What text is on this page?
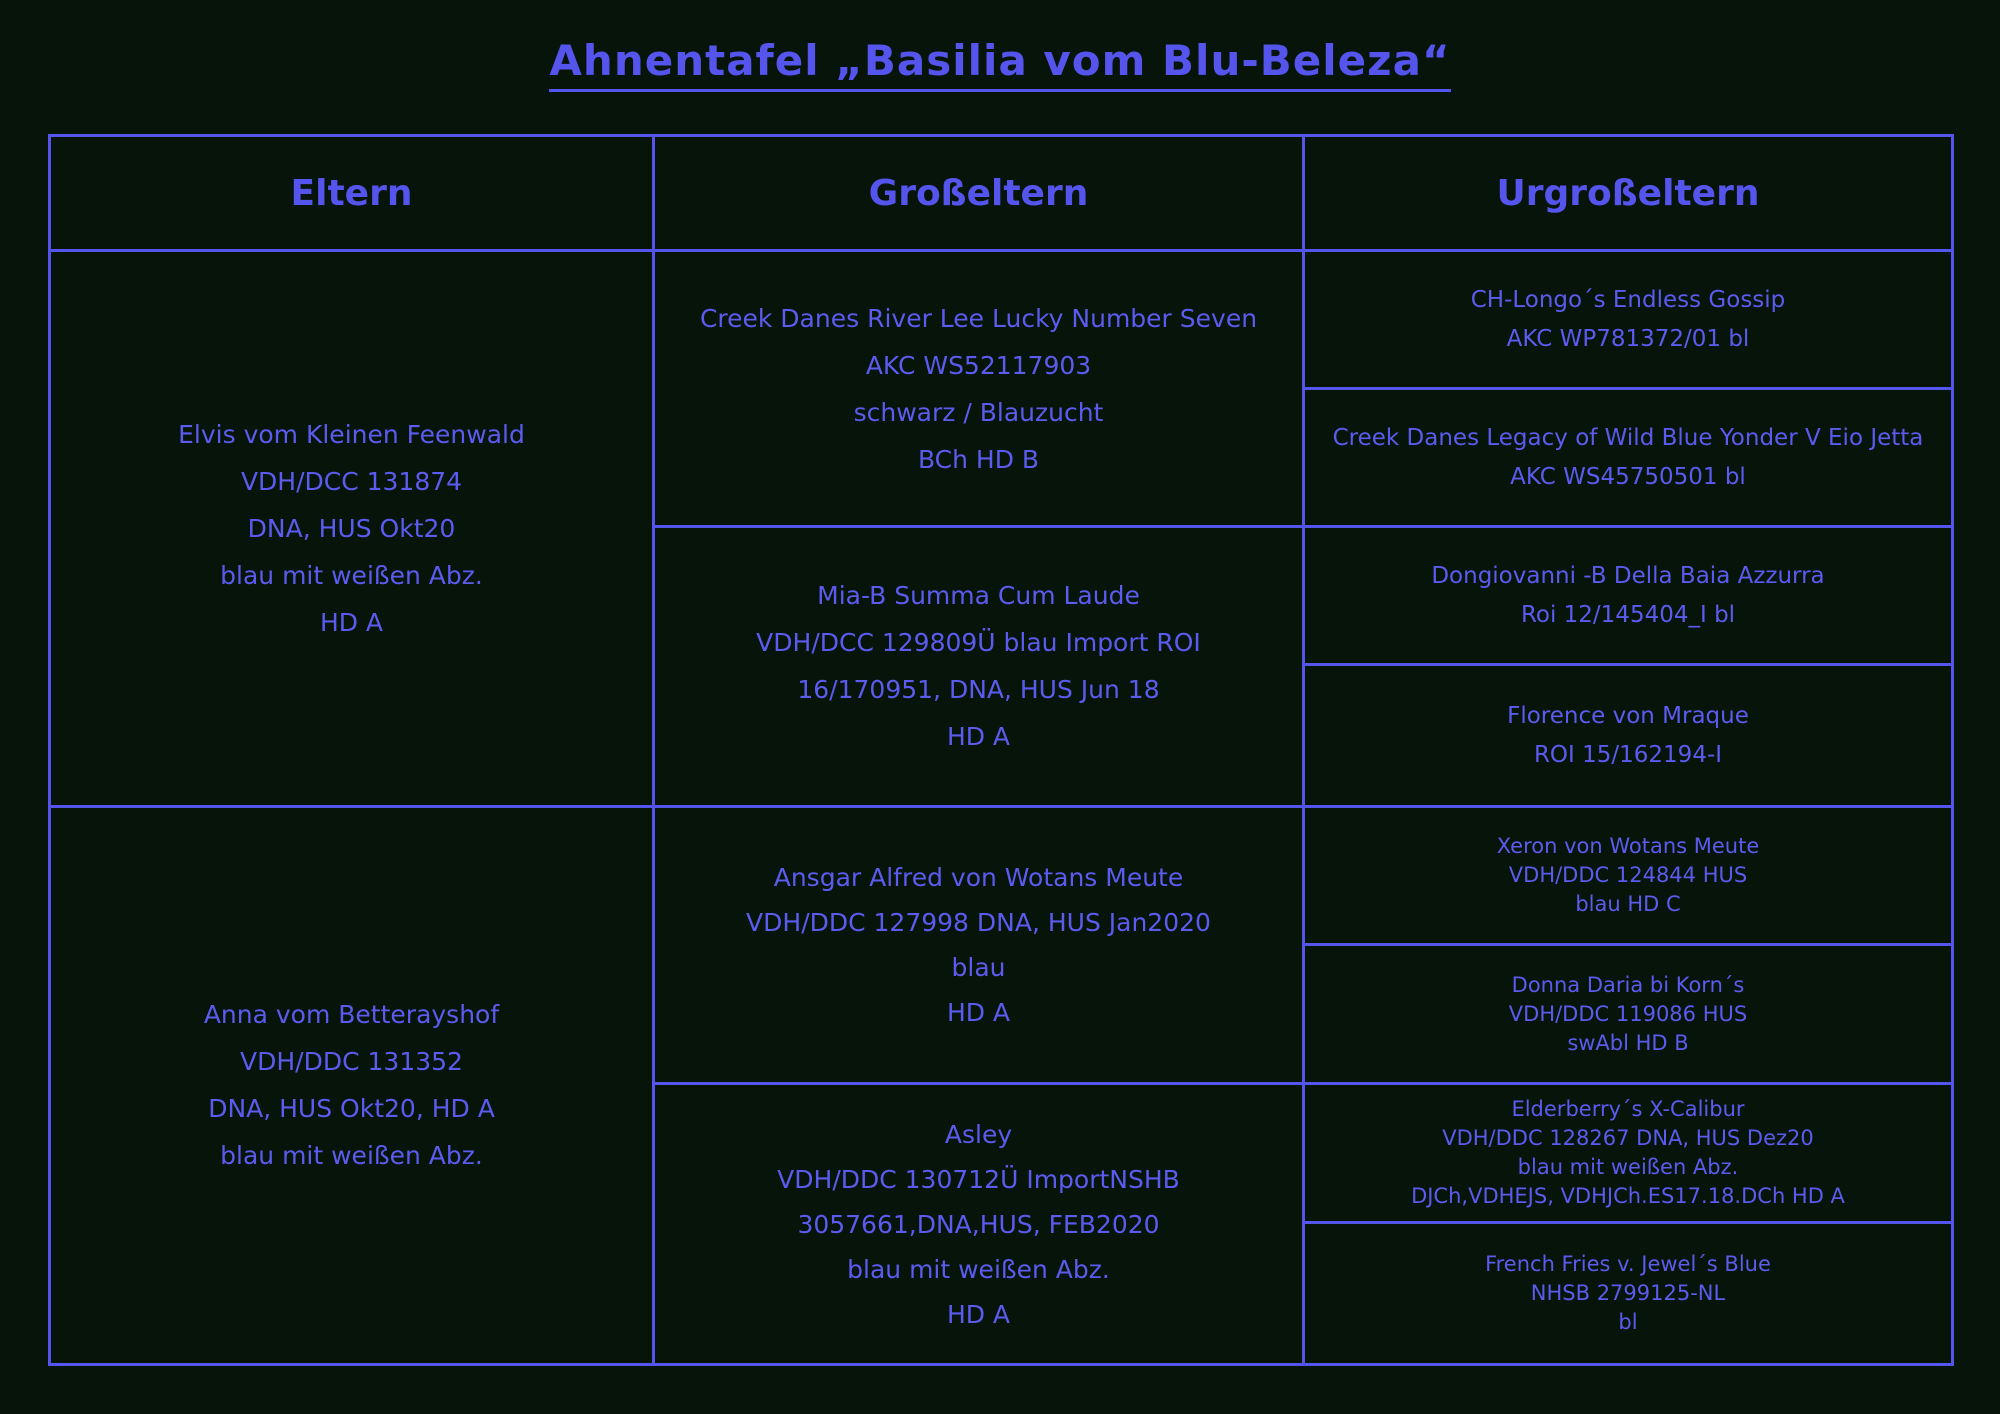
Ahnentafel „Basilia vom Blu-Beleza“
Eltern	Großeltern	Urgroßeltern
Elvis vom Kleinen Feenwald
VDH/DCC 131874
DNA, HUS Okt20
blau mit weißen Abz.
HD A
Creek Danes River Lee Lucky Number Seven
AKC WS52117903
schwarz / Blauzucht
BCh HD B
Mia-B Summa Cum Laude
VDH/DCC 129809Ü blau Import ROI
16/170951, DNA, HUS Jun 18
HD A
CH-Longo´s Endless Gossip
AKC WP781372/01 bl
Creek Danes Legacy of Wild Blue Yonder V Eio Jetta
AKC WS45750501 bl
Dongiovanni -B Della Baia Azzurra
Roi 12/145404_I bl
Florence von Mraque
ROI 15/162194-I
Anna vom Betterayshof
VDH/DDC 131352
DNA, HUS Okt20, HD A
blau mit weißen Abz.
Ansgar Alfred von Wotans Meute
VDH/DDC 127998 DNA, HUS Jan2020
blau
HD A
Asley
VDH/DDC 130712Ü ImportNSHB
3057661,DNA,HUS, FEB2020
blau mit weißen Abz.
HD A
Xeron von Wotans Meute
VDH/DDC 124844 HUS
blau HD C
Donna Daria bi Korn´s
VDH/DDC 119086 HUS
swAbl HD B
Elderberry´s X-Calibur
VDH/DDC 128267 DNA, HUS Dez20
blau mit weißen Abz.
DJCh,VDHEJS, VDHJCh.ES17.18.DCh HD A
French Fries v. Jewel´s Blue
NHSB 2799125-NL
bl
